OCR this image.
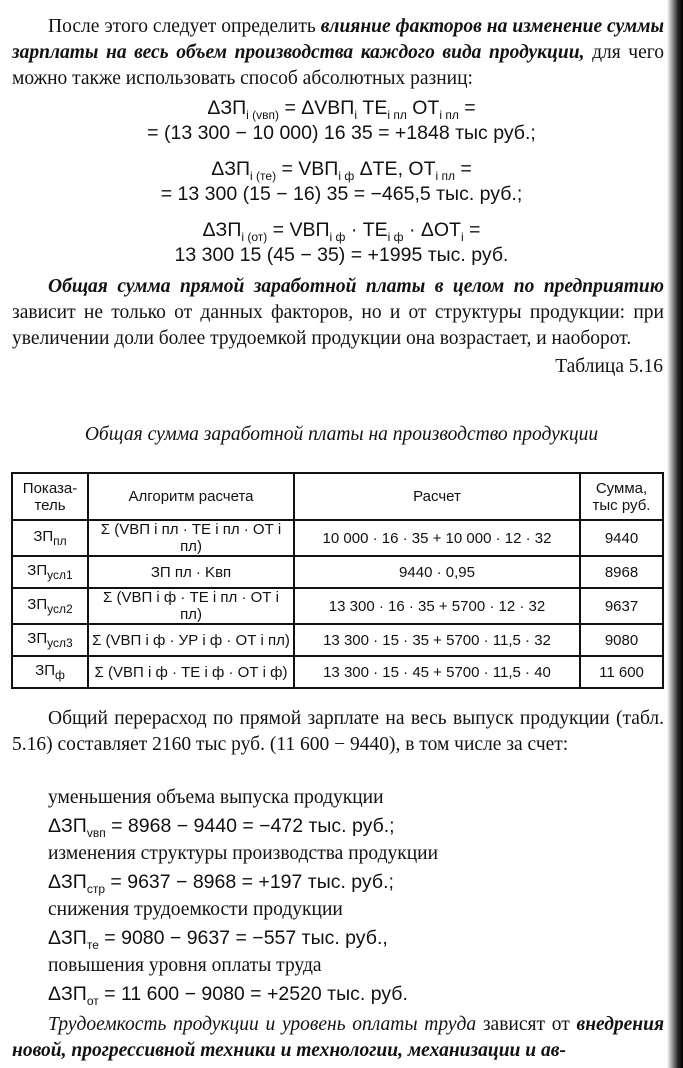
После этого следует определить влияние факторов на изменение суммы зарплаты на весь объем производства каждого вида продукции, для чего можно также использовать способ абсолютных разниц:
$\Delta ЗП_{i (vвп)} = \Delta VВП_i$ $ТЕ_{i пл}$ $ОТ_{i пл}$ =
= (13 300 − 10 000) 16 35 = +1848 тыс руб.;
$\Delta ЗП_{i (те)} = VВП_{i ф}$ ΔТЕ, $ОТ_{i пл}$ =
= 13 300 (15 − 16) 35 = −465,5 тыс. руб.;
$\Delta ЗП_{i (от)} = VВП_{i ф} \cdot ТЕ_{i ф} \cdot \Delta ОТ_i$ =
13 300 15 (45 − 35) = +1995 тыс. руб.
Общая сумма прямой заработной платы в целом по предприятию зависит не только от данных факторов, но и от структуры продукции: при увеличении доли более трудоемкой продукции она возрастает, и наоборот.
Таблица 5.16
Общая сумма заработной платы на производство продукции
Показа-тель	Алгоритм расчета	Расчет	Сумма, тыс руб.
$ЗП_{пл}$	Σ (VВП i пл · ТЕ i пл · ОТ i пл)	10 000 · 16 · 35 + 10 000 · 12 · 32	9440
$ЗП_{усл1}$	ЗП пл · Kвп	9440 · 0,95	8968
$ЗП_{усл2}$	Σ (VВП i ф · ТЕ i пл · ОТ i пл)	13 300 · 16 · 35 + 5700 · 12 · 32	9637
$ЗП_{усл3}$	Σ (VВП i ф · УР i ф · ОТ i пл)	13 300 · 15 · 35 + 5700 · 11,5 · 32	9080
$ЗП_ф$	Σ (VВП i ф · ТЕ i ф · ОТ i ф)	13 300 · 15 · 45 + 5700 · 11,5 · 40	11 600
Общий перерасход по прямой зарплате на весь выпуск продукции (табл. 5.16) составляет 2160 тыс руб. (11 600 − 9440), в том числе за счет:
уменьшения объема выпуска продукции
$\Delta ЗП_{vвп} = 8968 - 9440 = -472$ тыс. руб.;
изменения структуры производства продукции
$\Delta ЗП_{стр} = 9637 - 8968 = +197$ тыс. руб.;
снижения трудоемкости продукции
$\Delta ЗП_{те} = 9080 - 9637 = -557$ тыс. руб.,
повышения уровня оплаты труда
$\Delta ЗП_{от} = 11$ 600 − 9080 = +2520 тыс. руб.
Трудоемкость продукции и уровень оплаты труда зависят от внедрения новой, прогрессивной техники и технологии, механизации и ав-
